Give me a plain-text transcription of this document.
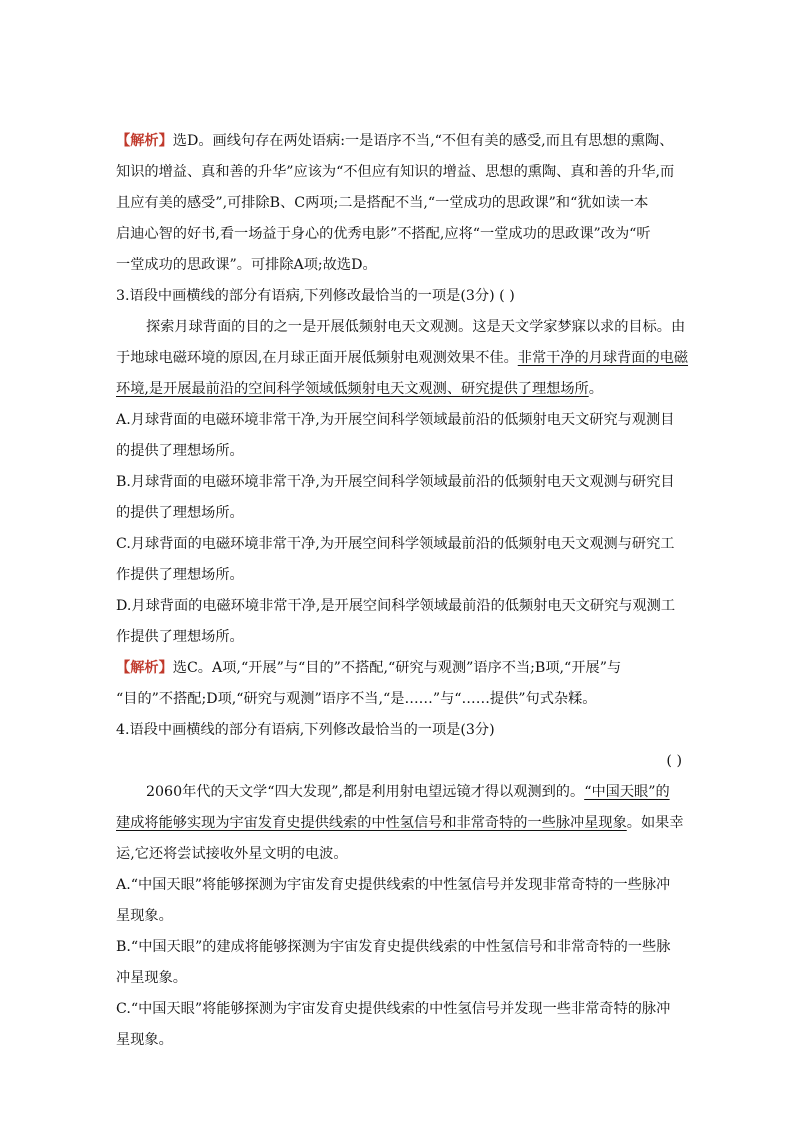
【解析】选D。画线句存在两处语病:一是语序不当,“不但有美的感受,而且有思想的熏陶、
知识的增益、真和善的升华”应该为“不但应有知识的增益、思想的熏陶、真和善的升华,而
且应有美的感受”,可排除B、C两项;二是搭配不当,“一堂成功的思政课”和“犹如读一本
启迪心智的好书,看一场益于身心的优秀电影”不搭配,应将“一堂成功的思政课”改为“听
一堂成功的思政课”。可排除A项;故选D。
3.语段中画横线的部分有语病,下列修改最恰当的一项是(3分) ( )
探索月球背面的目的之一是开展低频射电天文观测。这是天文学家梦寐以求的目标。由
于地球电磁环境的原因,在月球正面开展低频射电观测效果不佳。非常干净的月球背面的电磁
环境,是开展最前沿的空间科学领域低频射电天文观测、研究提供了理想场所。
A.月球背面的电磁环境非常干净,为开展空间科学领域最前沿的低频射电天文研究与观测目
的提供了理想场所。
B.月球背面的电磁环境非常干净,为开展空间科学领域最前沿的低频射电天文观测与研究目
的提供了理想场所。
C.月球背面的电磁环境非常干净,为开展空间科学领域最前沿的低频射电天文观测与研究工
作提供了理想场所。
D.月球背面的电磁环境非常干净,是开展空间科学领域最前沿的低频射电天文研究与观测工
作提供了理想场所。
【解析】选C。A项,“开展”与“目的”不搭配,“研究与观测”语序不当;B项,“开展”与
“目的”不搭配;D项,“研究与观测”语序不当,“是……”与“……提供”句式杂糅。
4.语段中画横线的部分有语病,下列修改最恰当的一项是(3分)
( )
2060年代的天文学“四大发现”,都是利用射电望远镜才得以观测到的。“中国天眼”的
建成将能够实现为宇宙发育史提供线索的中性氢信号和非常奇特的一些脉冲星现象。如果幸
运,它还将尝试接收外星文明的电波。
A.“中国天眼”将能够探测为宇宙发育史提供线索的中性氢信号并发现非常奇特的一些脉冲
星现象。
B.“中国天眼”的建成将能够探测为宇宙发育史提供线索的中性氢信号和非常奇特的一些脉
冲星现象。
C.“中国天眼”将能够探测为宇宙发育史提供线索的中性氢信号并发现一些非常奇特的脉冲
星现象。
